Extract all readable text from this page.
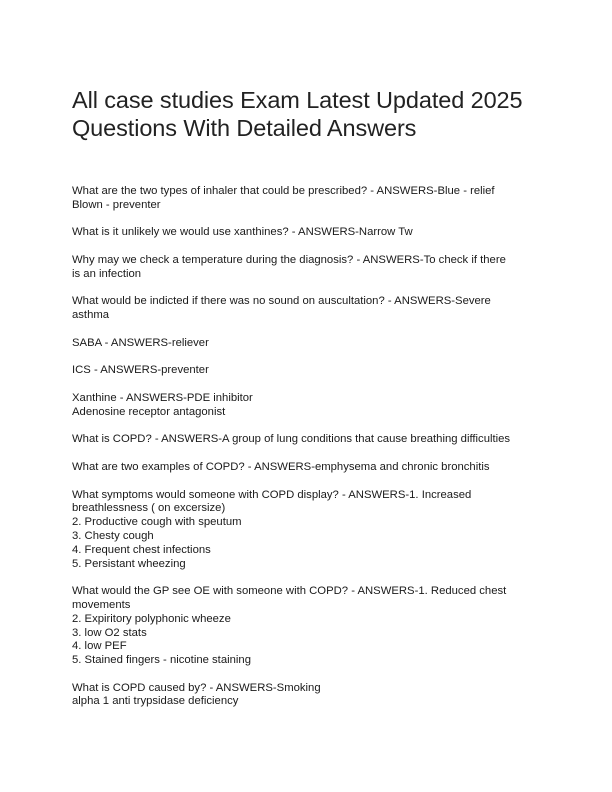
All case studies Exam Latest Updated 2025
Questions With Detailed Answers

What are the two types of inhaler that could be prescribed? - ANSWERS-Blue - relief
Blown - preventer

What is it unlikely we would use xanthines? - ANSWERS-Narrow Tw

Why may we check a temperature during the diagnosis? - ANSWERS-To check if there
is an infection

What would be indicted if there was no sound on auscultation? - ANSWERS-Severe
asthma

SABA - ANSWERS-reliever

ICS - ANSWERS-preventer

Xanthine - ANSWERS-PDE inhibitor
Adenosine receptor antagonist

What is COPD? - ANSWERS-A group of lung conditions that cause breathing difficulties

What are two examples of COPD? - ANSWERS-emphysema and chronic bronchitis

What symptoms would someone with COPD display? - ANSWERS-1. Increased
breathlessness ( on excersize)
2. Productive cough with speutum
3. Chesty cough
4. Frequent chest infections
5. Persistant wheezing

What would the GP see OE with someone with COPD? - ANSWERS-1. Reduced chest
movements
2. Expiritory polyphonic wheeze
3. low O2 stats
4. low PEF
5. Stained fingers - nicotine staining

What is COPD caused by? - ANSWERS-Smoking
alpha 1 anti trypsidase deficiency
